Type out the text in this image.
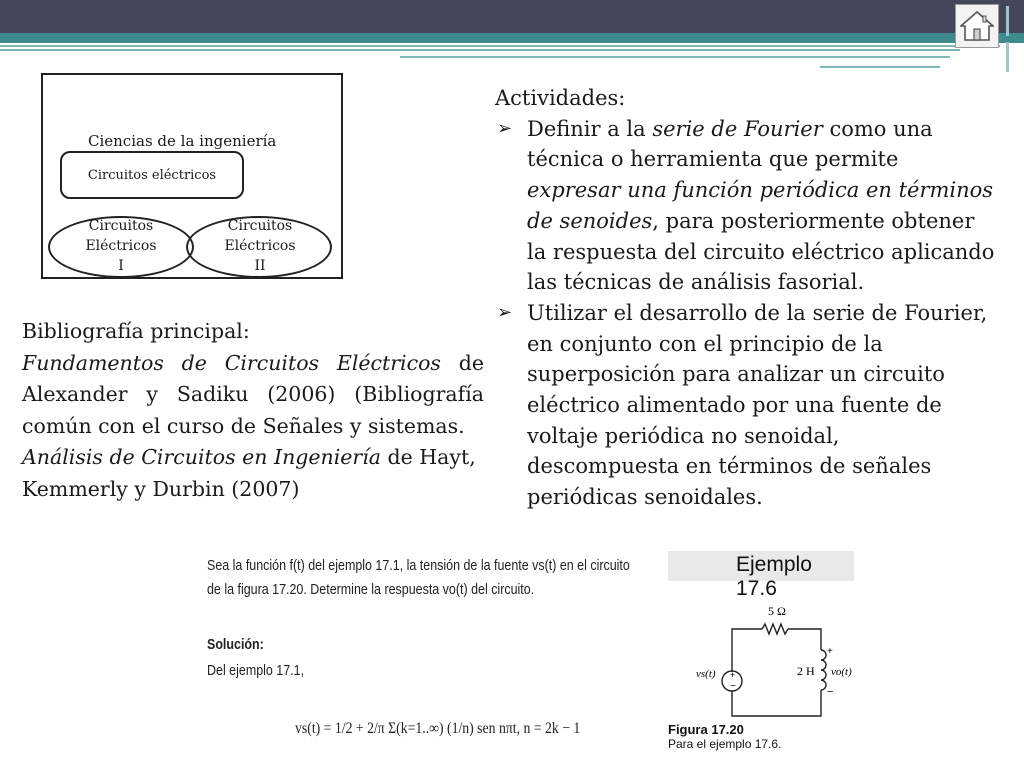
Ciencias de la ingeniería
Circuitos eléctricos
Circuitos
Eléctricos
I
Circuitos
Eléctricos
II

Bibliografía principal:

Fundamentos de Circuitos Eléctricos de Alexander y Sadiku (2006) (Bibliografía común con el curso de Señales y sistemas.

Análisis de Circuitos en Ingeniería de Hayt, Kemmerly y Durbin (2007)

Actividades:

➢ Definir a la serie de Fourier como una técnica o herramienta que permite expresar una función periódica en términos de senoides, para posteriormente obtener la respuesta del circuito eléctrico aplicando las técnicas de análisis fasorial.
➢ Utilizar el desarrollo de la serie de Fourier, en conjunto con el principio de la superposición para analizar un circuito eléctrico alimentado por una fuente de voltaje periódica no senoidal, descompuesta en términos de señales periódicas senoidales.
Sea la función f(t) del ejemplo 17.1, la tensión de la fuente vs(t) en el circuito
de la figura 17.20. Determine la respuesta vo(t) del circuito.
Solución:
Del ejemplo 17.1,
vs(t) = 1/2 + 2/π Σ(k=1..∞) (1/n) sen nπt, n = 2k − 1
Ejemplo 17.6
+
−
5 Ω
2 H
vs(t)	vo(t)
+
−
Figura 17.20
Para el ejemplo 17.6.
